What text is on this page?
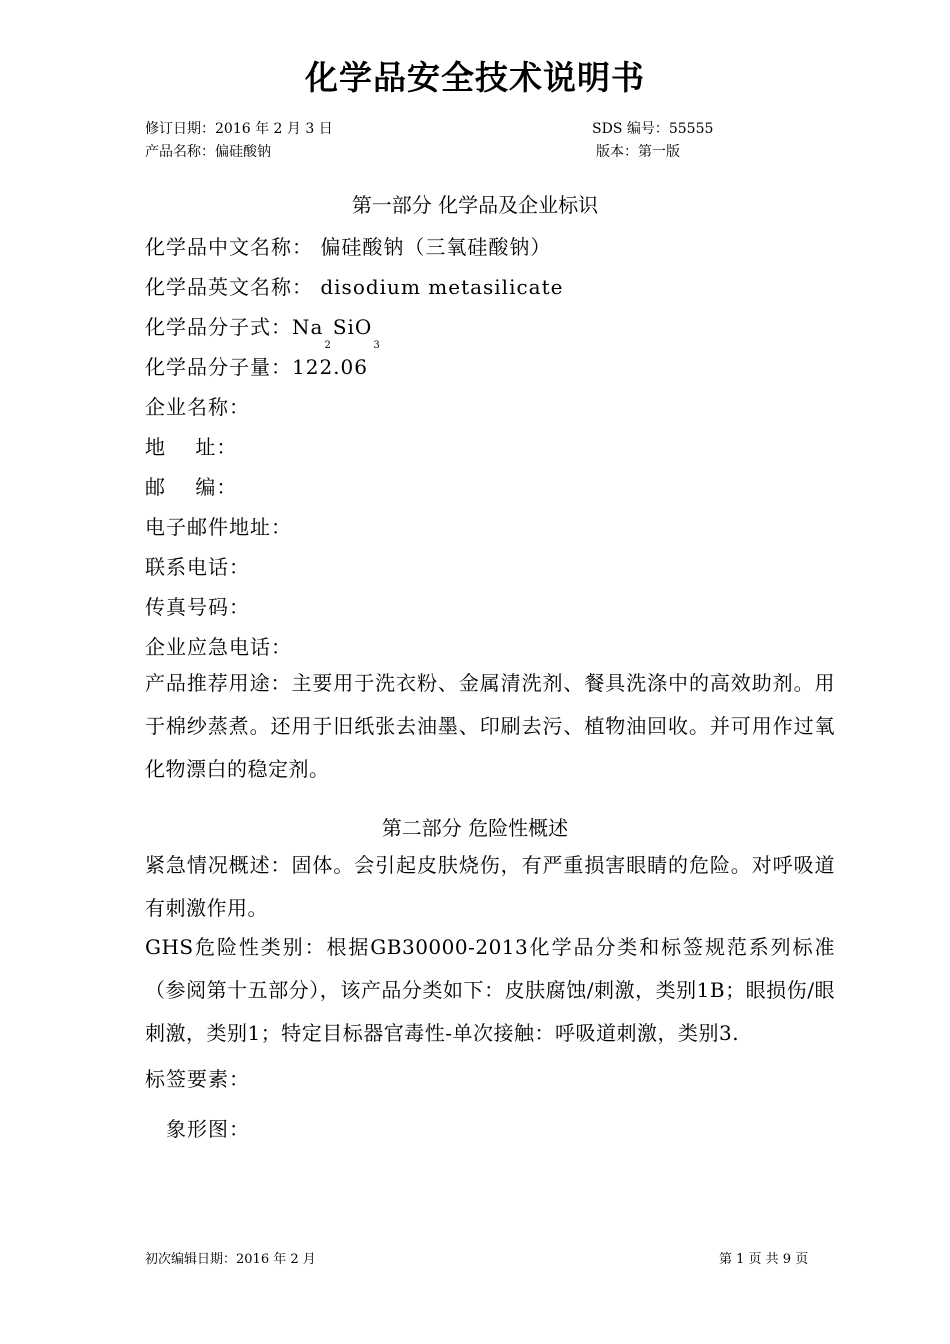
化学品安全技术说明书
修订日期：2016 年 2 月 3 日	SDS 编号：55555
产品名称：偏硅酸钠	版本：第一版
第一部分 化学品及企业标识
化学品中文名称： 偏硅酸钠（三氧硅酸钠）
化学品英文名称： disodium metasilicate
化学品分子式：$Na_2SiO_3$
化学品分子量：122.06
企业名称：
地    址：
邮    编：
电子邮件地址：
联系电话：
传真号码：
企业应急电话：
产品推荐用途：主要用于洗衣粉、金属清洗剂、餐具洗涤中的高效助剂。用于棉纱蒸煮。还用于旧纸张去油墨、印刷去污、植物油回收。并可用作过氧化物漂白的稳定剂。
第二部分 危险性概述
紧急情况概述：固体。会引起皮肤烧伤，有严重损害眼睛的危险。对呼吸道有刺激作用。
GHS危险性类别：根据GB30000-2013化学品分类和标签规范系列标准（参阅第十五部分），该产品分类如下：皮肤腐蚀/刺激，类别1B；眼损伤/眼刺激，类别1；特定目标器官毒性-单次接触：呼吸道刺激，类别3.
标签要素：
象形图：
初次编辑日期：2016 年 2 月	第 1 页 共 9 页
